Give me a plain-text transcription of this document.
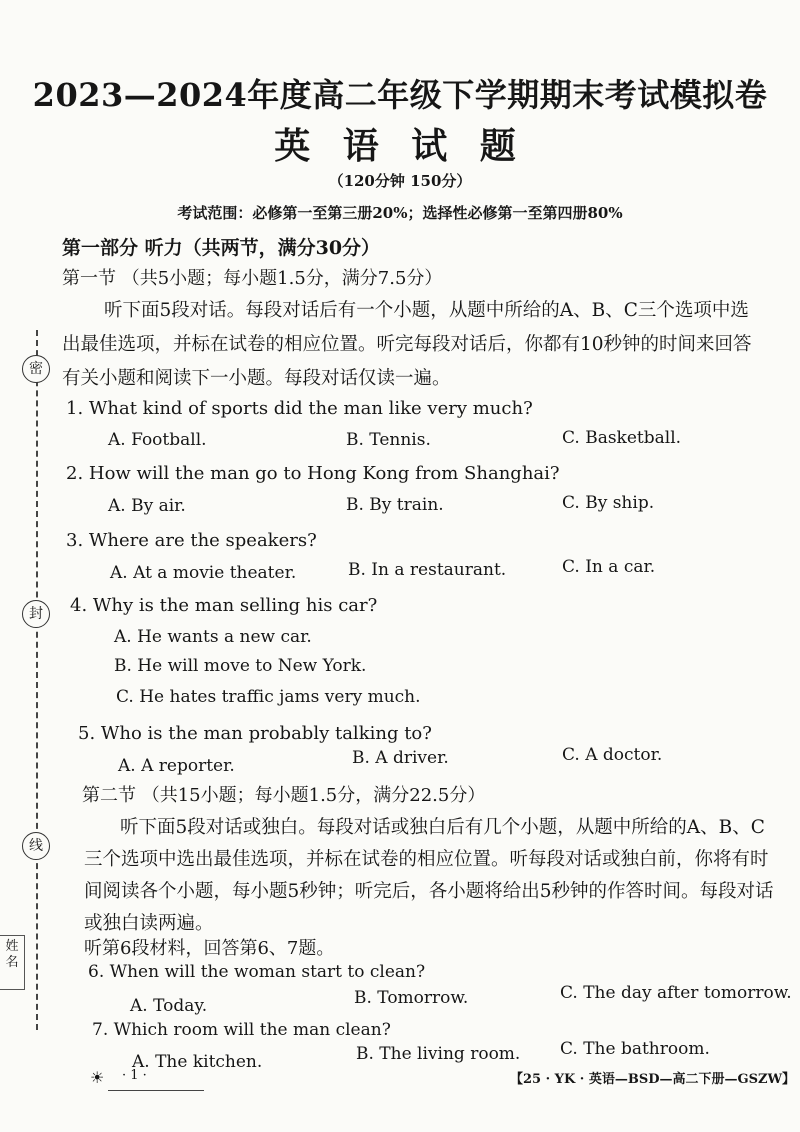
密
封
线
姓名
2023—2024年度高二年级下学期期末考试模拟卷
英 语 试 题
（120分钟 150分）
考试范围：必修第一至第三册20%；选择性必修第一至第四册80%
第一部分 听力（共两节，满分30分）
第一节 （共5小题；每小题1.5分，满分7.5分）
听下面5段对话。每段对话后有一个小题，从题中所给的A、B、C三个选项中选
出最佳选项，并标在试卷的相应位置。听完每段对话后，你都有10秒钟的时间来回答
有关小题和阅读下一小题。每段对话仅读一遍。
1. What kind of sports did the man like very much?
A. Football.	B. Tennis.	C. Basketball.
2. How will the man go to Hong Kong from Shanghai?
A. By air.	B. By train.	C. By ship.
3. Where are the speakers?
A. At a movie theater.	B. In a restaurant.	C. In a car.
4. Why is the man selling his car?
A. He wants a new car.
B. He will move to New York.
C. He hates traffic jams very much.
5. Who is the man probably talking to?
A. A reporter.	B. A driver.	C. A doctor.
第二节 （共15小题；每小题1.5分，满分22.5分）
听下面5段对话或独白。每段对话或独白后有几个小题，从题中所给的A、B、C
三个选项中选出最佳选项，并标在试卷的相应位置。听每段对话或独白前，你将有时
间阅读各个小题，每小题5秒钟；听完后，各小题将给出5秒钟的作答时间。每段对话
或独白读两遍。
听第6段材料，回答第6、7题。
6. When will the woman start to clean?
A. Today.	B. Tomorrow.	C. The day after tomorrow.
7. Which room will the man clean?
A. The kitchen.	B. The living room. C. The bathroom.
☀ · 1 ·	【25 · YK · 英语—BSD—高二下册—GSZW】
